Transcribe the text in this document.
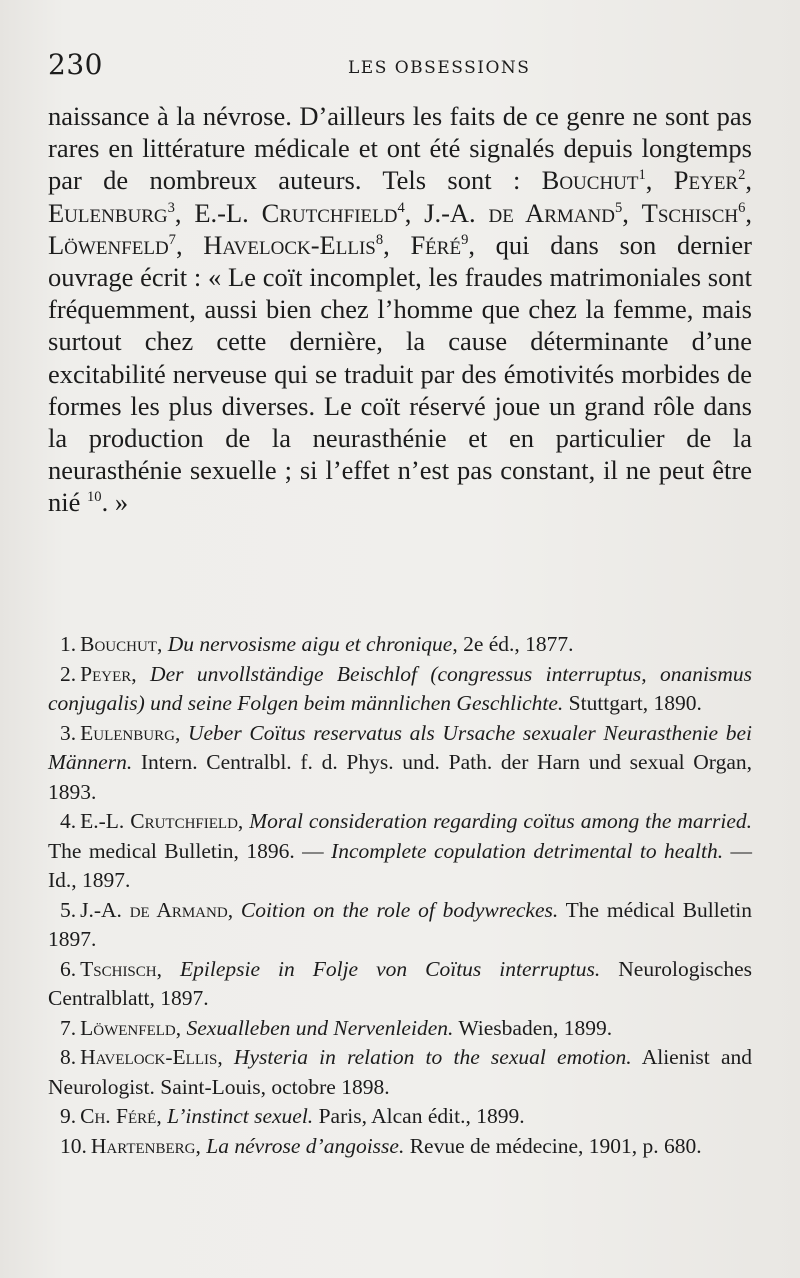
230	LES OBSESSIONS

naissance à la névrose. D’ailleurs les faits de ce genre ne sont pas rares en littérature médicale et ont été signalés depuis longtemps par de nombreux auteurs. Tels sont : Bouchut$^1$, Peyer$^2$, Eulenburg$^3$, E.-L. Crutchfield$^4$, J.-A. de Armand$^5$, Tschisch$^6$, Löwenfeld$^7$, Havelock-Ellis$^8$, Féré$^9$, qui dans son dernier ouvrage écrit : « Le coït incomplet, les fraudes matrimoniales sont fréquemment, aussi bien chez l’homme que chez la femme, mais surtout chez cette dernière, la cause déterminante d’une excitabilité nerveuse qui se traduit par des émotivités morbides de formes les plus diverses. Le coït réservé joue un grand rôle dans la production de la neurasthénie et en particulier de la neurasthénie sexuelle ; si l’effet n’est pas constant, il ne peut être nié $^{10}$. »

1. Bouchut, Du nervosisme aigu et chronique, 2e éd., 1877.

2. Peyer, Der unvollständige Beischlof (congressus interruptus, onanismus conjugalis) und seine Folgen beim männlichen Geschlichte. Stuttgart, 1890.

3. Eulenburg, Ueber Coïtus reservatus als Ursache sexualer Neurasthenie bei Männern. Intern. Centralbl. f. d. Phys. und. Path. der Harn und sexual Organ, 1893.

4. E.-L. Crutchfield, Moral consideration regarding coïtus among the married. The medical Bulletin, 1896. — Incomplete copulation detrimental to health. — Id., 1897.

5. J.-A. de Armand, Coition on the role of bodywreckes. The médical Bulletin 1897.

6. Tschisch, Epilepsie in Folje von Coïtus interruptus. Neurologisches Centralblatt, 1897.

7. Löwenfeld, Sexualleben und Nervenleiden. Wiesbaden, 1899.

8. Havelock-Ellis, Hysteria in relation to the sexual emotion. Alienist and Neurologist. Saint-Louis, octobre 1898.

9. Ch. Féré, L’instinct sexuel. Paris, Alcan édit., 1899.

10. Hartenberg, La névrose d’angoisse. Revue de médecine, 1901, p. 680.
